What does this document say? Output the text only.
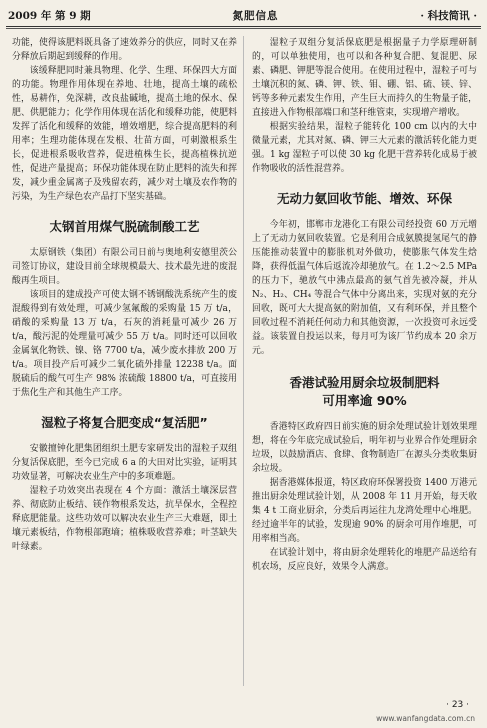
2009 年 第 9 期	氮肥信息	· 科技简讯 ·

功能，使得该肥料既具备了速效养分的供应，同时又在养分释放后期起到缓释的作用。

该缓释肥同时兼具物理、化学、生理、环保四大方面的功能。物理作用体现在养地、壮地，提高土壤的疏松性，易耕作，免深耕，改良盐碱地，提高土地的保水、保肥、供肥能力；化学作用体现在活化和缓释功能，使肥料发挥了活化和缓释的效能，增效增肥，综合提高肥料的利用率；生理功能体现在发根、壮苗方面，可刺激根系生长，促进根系吸收营养，促进植株生长，提高植株抗逆性，促进产量提高；环保功能体现在防止肥料的流失和挥发，减少重金属离子及残留农药，减少对土壤及农作物的污染，为生产绿色农产品打下坚实基础。

太钢首用煤气脱硫制酸工艺

太原钢铁（集团）有限公司日前与奥地利安德里茨公司签订协议，建设目前全球规模最大、技术最先进的废混酸再生项目。

该项目的建成投产可使太钢不锈钢酸洗系统产生的废混酸得到有效处理，可减少氢氟酸的采购量 15 万 t/a，硝酸的采购量 13 万 t/a，石灰的消耗量可减少 26 万 t/a，酸污泥的处理量可减少 55 万 t/a。同时还可以回收金属氧化物铁、镍、铬 7700 t/a，减少废水排放 200 万 t/a。项目投产后可减少二氧化硫外排量 12238 t/a。面脱硫后的酸气可生产 98% 浓硫酸 18800 t/a，可直接用于焦化生产和其他生产工序。

湿粒子将复合肥变成“复活肥”

安徽擅钟化肥集团组织土肥专家研发出的湿粒子双组分复活保底肥，至今已完成 6 a 的大田对比实验，证明其功效显著，可解决农业生产中的多项难题。

湿粒子功效突出表现在 4 个方面：激活土壤深层营养、彻底防止板结、镁作物根系发达，抗旱保水，全程控释底肥能量。这些功效可以解决农业生产三大难题，即土壤元素板结，作物根部跑墒；植株吸收营养难；叶茎缺失叶绿素。

湿粒子双组分复活保底肥是根据量子力学原理研制的，可以单独使用，也可以和各种复合肥、复混肥、尿素、磷肥、钾肥等混合使用。在使用过程中，湿粒子可与土壤沉积的氮、磷、钾、铁、钼、硼、铝、硫、镁、锌、钙等多种元素发生作用，产生巨大而持久的生物量子能，直接进入作物根部端口和茎秆维管束，实现增产增收。

根据实验结果，湿粒子能转化 100 cm 以内的大中微量元素，尤其对氮、磷、钾三大元素的激活转化能力更强。1 kg 湿粒子可以使 30 kg 化肥干营养转化成易于被作物吸收的活性混营养。

无动力氨回收节能、增效、环保

今年初，邯郸市龙港化工有限公司经投资 60 万元增上了无动力氨回收装置。它是利用合成氨膜提氢尾气的静压能推动装置中的膨胀机对外做功，使膨胀气体发生焓降，获得低温气体后返流冷却驰放气。在 1.2～2.5 MPa 的压力下，驰放气中沸点最高的氨气首先被冷凝，并从 N₂、H₂、CH₄ 等混合气体中分离出来，实现对氨的充分回收，既可大大提高氨的附加值，又有利环保，并且整个回收过程不消耗任何动力和其他资源，一次投资可永远受益。该装置自投运以来，每月可为该厂节约成本 20 余万元。

香港试验用厨余垃圾制肥料
可用率逾 90%

香港特区政府四日前实施的厨余处理试验计划效果理想，将在今年底完成试验后，明年初与业界合作处理厨余垃圾，以鼓励酒店、食肆、食物制造厂在源头分类收集厨余垃圾。

据香港媒体报道，特区政府环保署投资 1400 万港元推出厨余处理试验计划，从 2008 年 11 月开始，每天收集 4 t 工商业厨余，分类后再运往九龙湾处理中心堆肥。经过逾半年的试验，发现逾 90% 的厨余可用作堆肥，可用率相当高。

在试验计划中，将由厨余处理转化的堆肥产品送给有机农场，反应良好，效果令人满意。

· 23 ·
www.wanfangdata.com.cn
